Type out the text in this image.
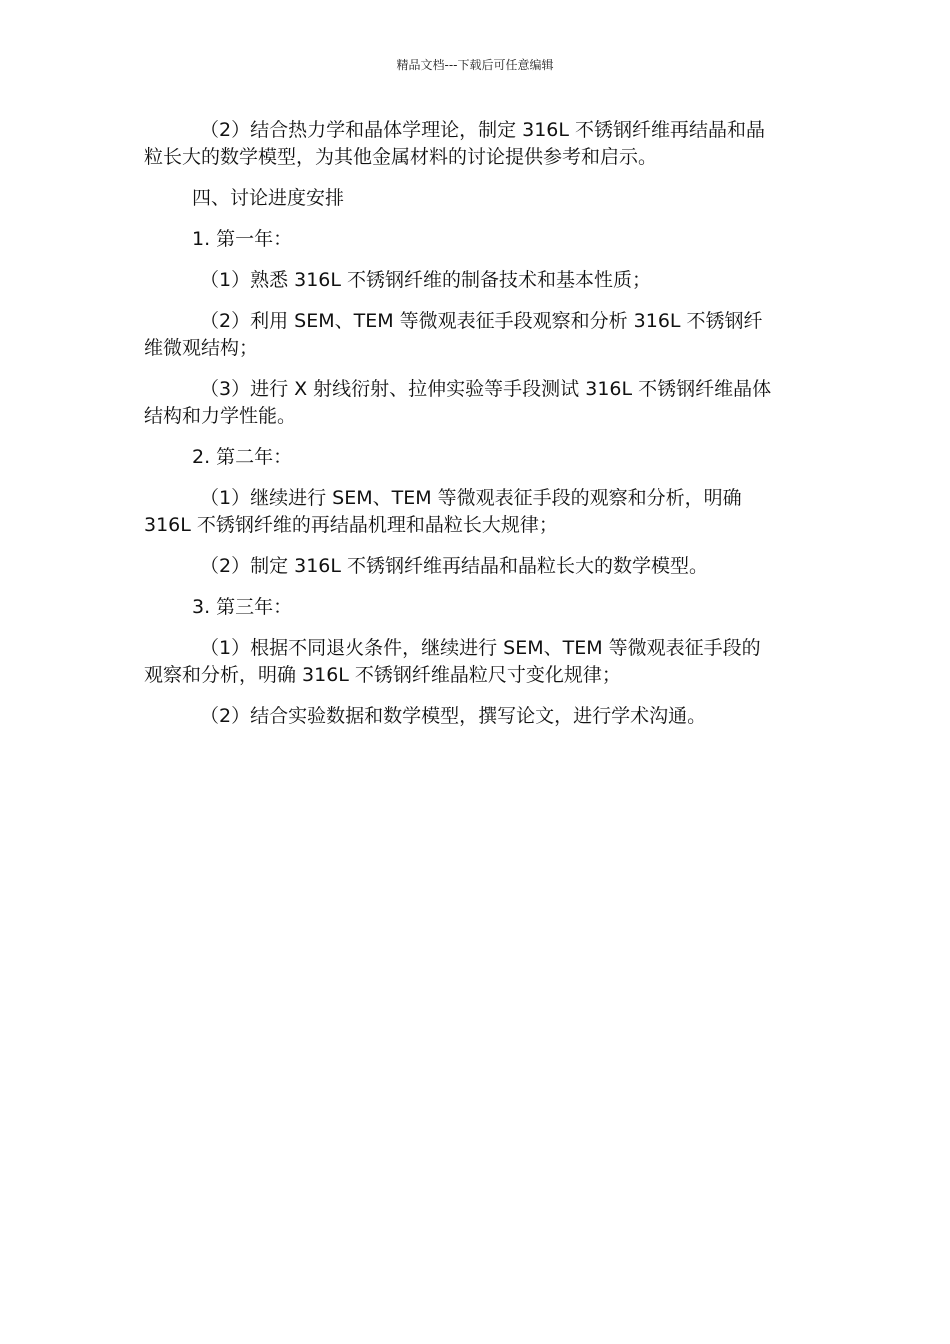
精品文档---下载后可任意编辑

（2）结合热力学和晶体学理论，制定 316L 不锈钢纤维再结晶和晶
粒长大的数学模型，为其他金属材料的讨论提供参考和启示。

四、讨论进度安排

1. 第一年：

（1）熟悉 316L 不锈钢纤维的制备技术和基本性质；

（2）利用 SEM、TEM 等微观表征手段观察和分析 316L 不锈钢纤
维微观结构；

（3）进行 X 射线衍射、拉伸实验等手段测试 316L 不锈钢纤维晶体
结构和力学性能。

2. 第二年：

（1）继续进行 SEM、TEM 等微观表征手段的观察和分析，明确
316L 不锈钢纤维的再结晶机理和晶粒长大规律；

（2）制定 316L 不锈钢纤维再结晶和晶粒长大的数学模型。

3. 第三年：

（1）根据不同退火条件，继续进行 SEM、TEM 等微观表征手段的
观察和分析，明确 316L 不锈钢纤维晶粒尺寸变化规律；

（2）结合实验数据和数学模型，撰写论文，进行学术沟通。
